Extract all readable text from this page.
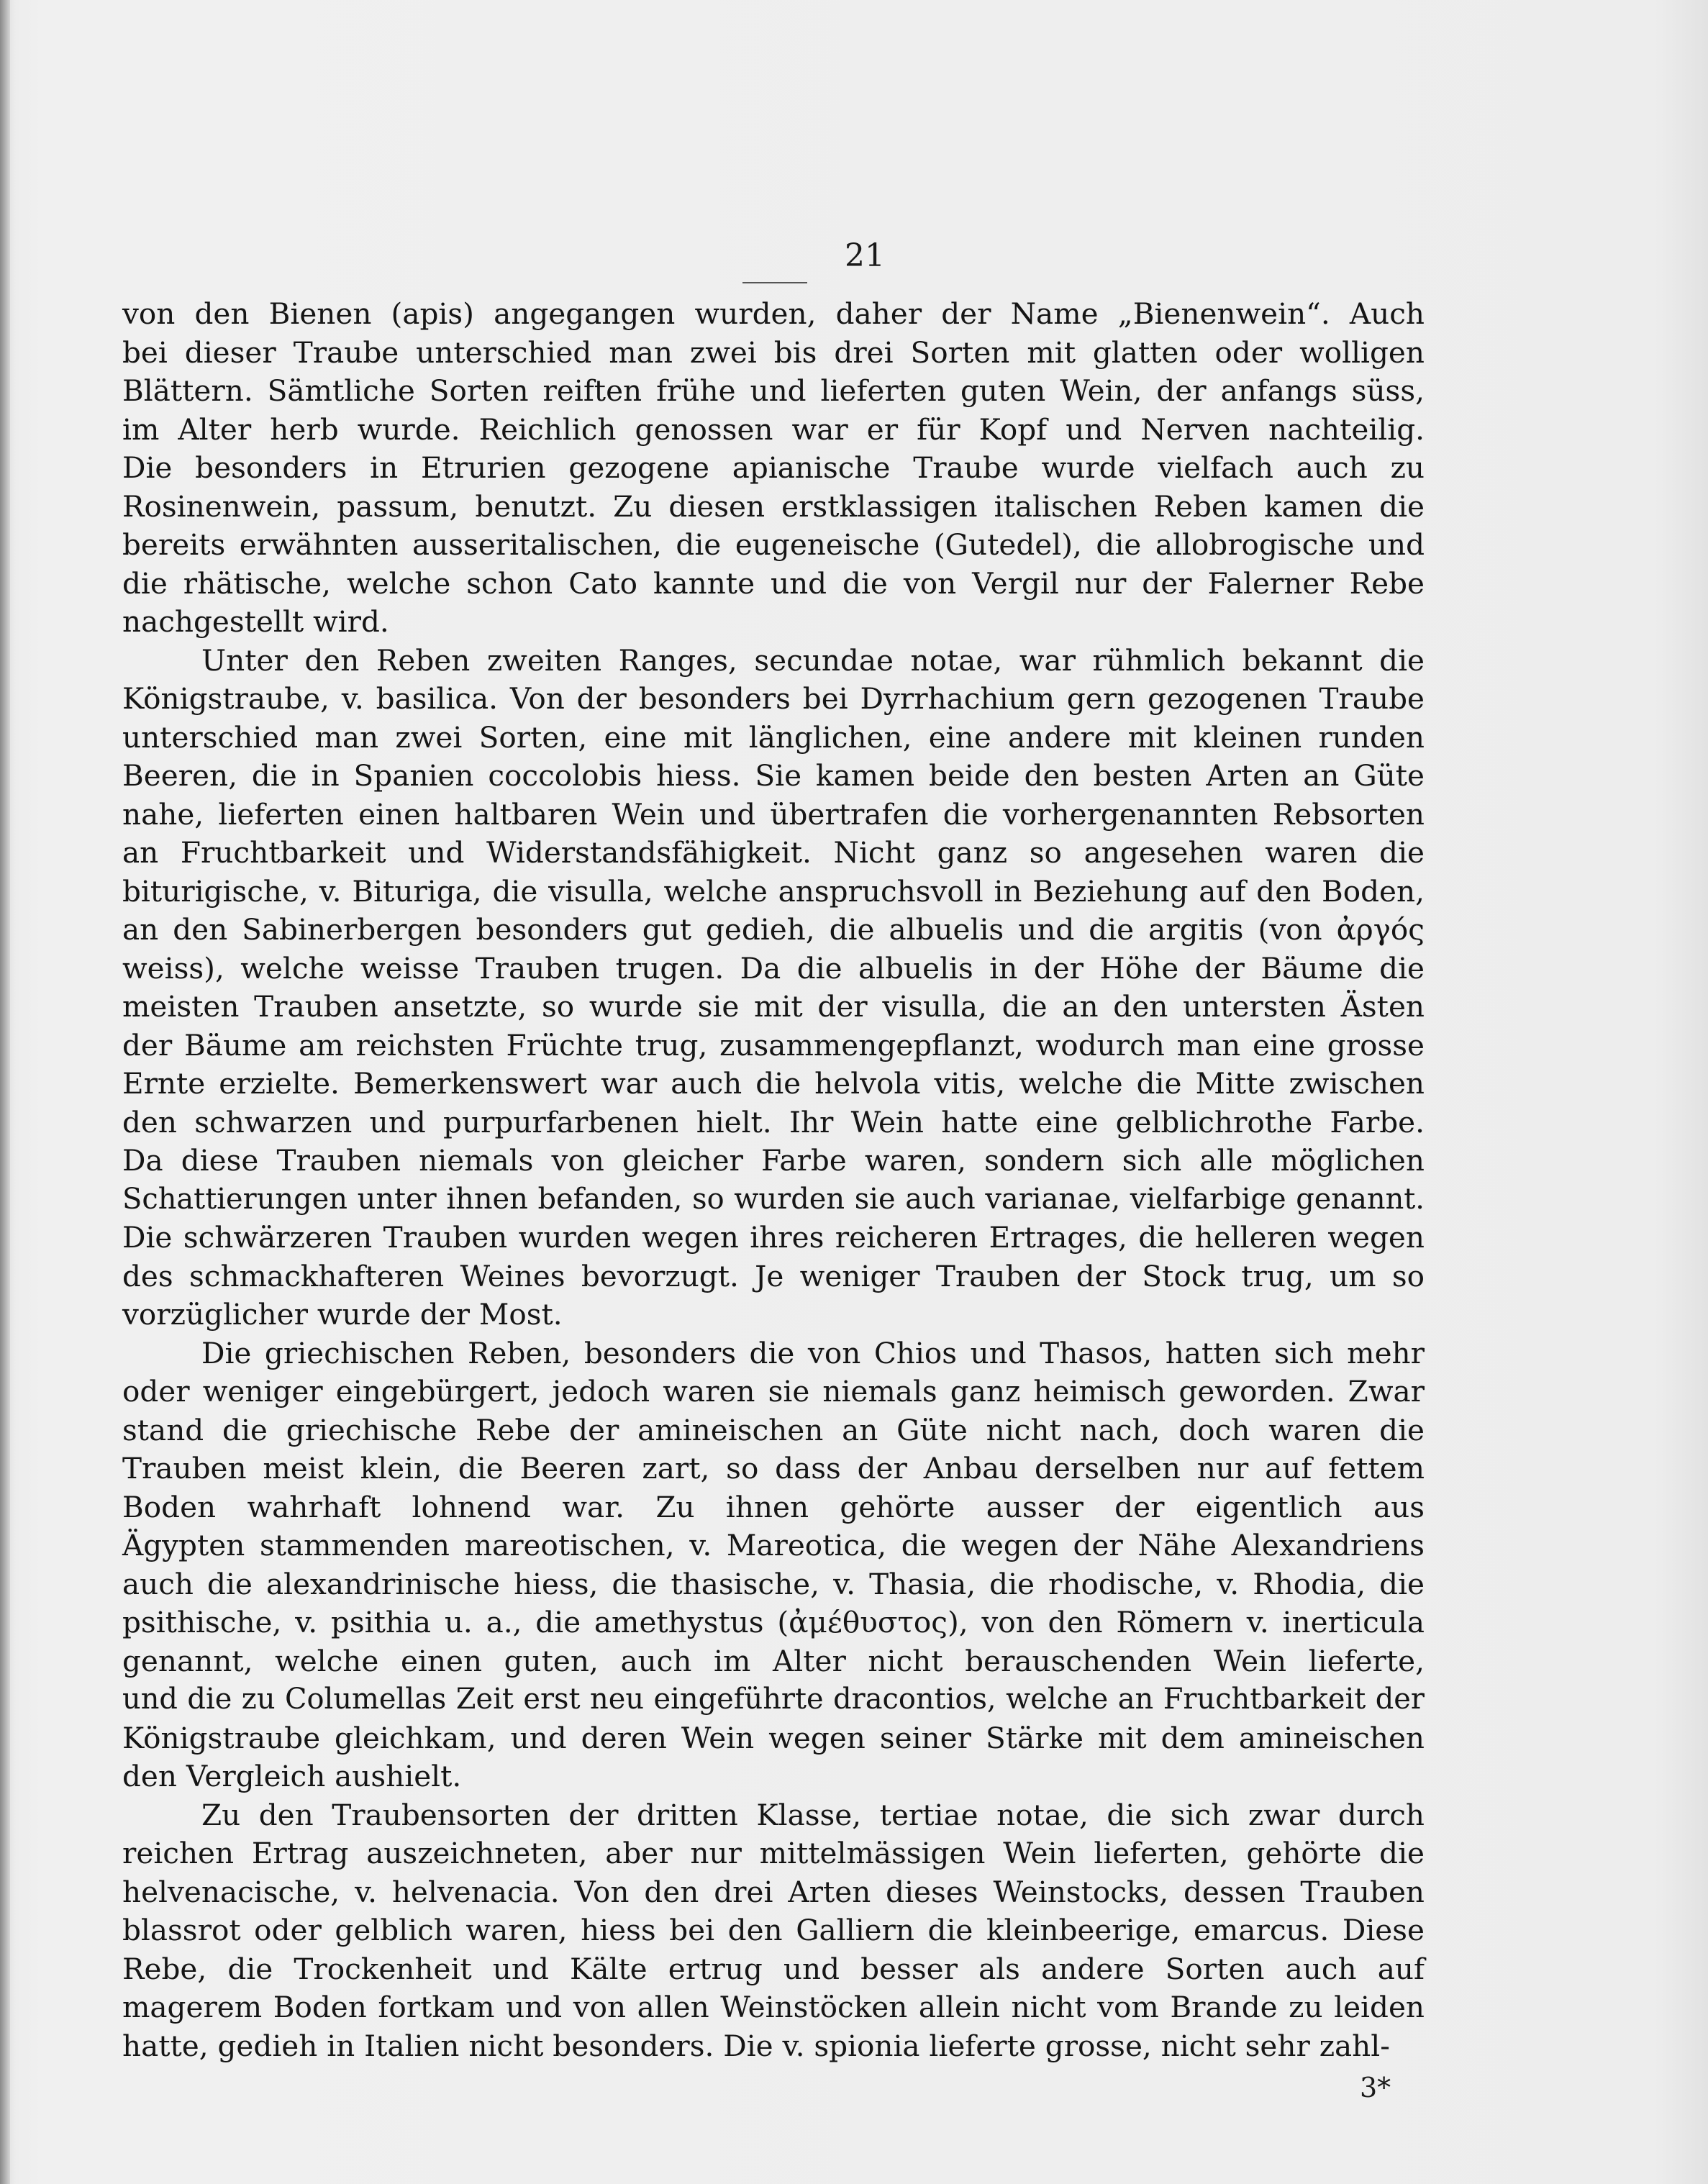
21
von den Bienen (apis) angegangen wurden, daher der Name „Bienenwein“. Auch
bei dieser Traube unterschied man zwei bis drei Sorten mit glatten oder wolligen
Blättern. Sämtliche Sorten reiften frühe und lieferten guten Wein, der anfangs süss,
im Alter herb wurde. Reichlich genossen war er für Kopf und Nerven nachteilig.
Die besonders in Etrurien gezogene apianische Traube wurde vielfach auch zu
Rosinenwein, passum, benutzt. Zu diesen erstklassigen italischen Reben kamen die
bereits erwähnten ausseritalischen, die eugeneische (Gutedel), die allobrogische und
die rhätische, welche schon Cato kannte und die von Vergil nur der Falerner Rebe
nachgestellt wird.
Unter den Reben zweiten Ranges, secundae notae, war rühmlich bekannt die
Königstraube, v. basilica. Von der besonders bei Dyrrhachium gern gezogenen Traube
unterschied man zwei Sorten, eine mit länglichen, eine andere mit kleinen runden
Beeren, die in Spanien coccolobis hiess. Sie kamen beide den besten Arten an Güte
nahe, lieferten einen haltbaren Wein und übertrafen die vorhergenannten Rebsorten
an Fruchtbarkeit und Widerstandsfähigkeit. Nicht ganz so angesehen waren die
biturigische, v. Bituriga, die visulla, welche anspruchsvoll in Beziehung auf den Boden,
an den Sabinerbergen besonders gut gedieh, die albuelis und die argitis (von ἀργός
weiss), welche weisse Trauben trugen. Da die albuelis in der Höhe der Bäume die
meisten Trauben ansetzte, so wurde sie mit der visulla, die an den untersten Ästen
der Bäume am reichsten Früchte trug, zusammengepflanzt, wodurch man eine grosse
Ernte erzielte. Bemerkenswert war auch die helvola vitis, welche die Mitte zwischen
den schwarzen und purpurfarbenen hielt. Ihr Wein hatte eine gelblichrothe Farbe.
Da diese Trauben niemals von gleicher Farbe waren, sondern sich alle möglichen
Schattierungen unter ihnen befanden, so wurden sie auch varianae, vielfarbige genannt.
Die schwärzeren Trauben wurden wegen ihres reicheren Ertrages, die helleren wegen
des schmackhafteren Weines bevorzugt. Je weniger Trauben der Stock trug, um so
vorzüglicher wurde der Most.
Die griechischen Reben, besonders die von Chios und Thasos, hatten sich mehr
oder weniger eingebürgert, jedoch waren sie niemals ganz heimisch geworden. Zwar
stand die griechische Rebe der amineischen an Güte nicht nach, doch waren die
Trauben meist klein, die Beeren zart, so dass der Anbau derselben nur auf fettem
Boden wahrhaft lohnend war. Zu ihnen gehörte ausser der eigentlich aus
Ägypten stammenden mareotischen, v. Mareotica, die wegen der Nähe Alexandriens
auch die alexandrinische hiess, die thasische, v. Thasia, die rhodische, v. Rhodia, die
psithische, v. psithia u. a., die amethystus (ἀμέθυστος), von den Römern v. inerticula
genannt, welche einen guten, auch im Alter nicht berauschenden Wein lieferte,
und die zu Columellas Zeit erst neu eingeführte dracontios, welche an Fruchtbarkeit der
Königstraube gleichkam, und deren Wein wegen seiner Stärke mit dem amineischen
den Vergleich aushielt.
Zu den Traubensorten der dritten Klasse, tertiae notae, die sich zwar durch
reichen Ertrag auszeichneten, aber nur mittelmässigen Wein lieferten, gehörte die
helvenacische, v. helvenacia. Von den drei Arten dieses Weinstocks, dessen Trauben
blassrot oder gelblich waren, hiess bei den Galliern die kleinbeerige, emarcus. Diese
Rebe, die Trockenheit und Kälte ertrug und besser als andere Sorten auch auf
magerem Boden fortkam und von allen Weinstöcken allein nicht vom Brande zu leiden
hatte, gedieh in Italien nicht besonders. Die v. spionia lieferte grosse, nicht sehr zahl-
3*
